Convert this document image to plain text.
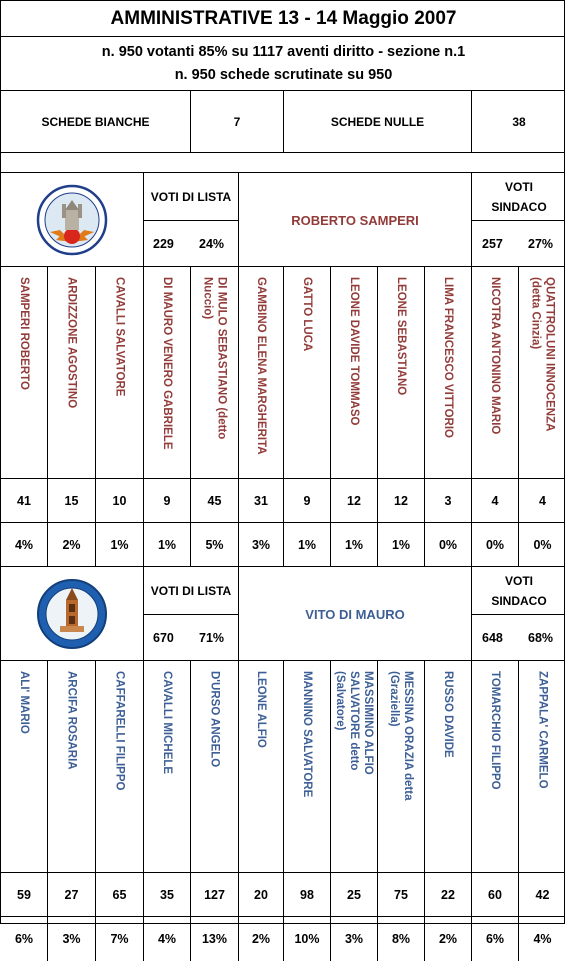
AMMINISTRATIVE 13 - 14 Maggio 2007
n. 950 votanti 85% su 1117 aventi diritto - sezione n.1
n. 950 schede scrutinate su 950
SCHEDE BIANCHE	7	SCHEDE NULLE	38
VOTI DI LISTA
229 24%
ROBERTO SAMPERI
VOTI
SINDACO
257 27%
SAMPERI ROBERTO	ARDIZZONE AGOSTINO	CAVALLI SALVATORE	DI MAURO VENERO GABRIELE	DI MULO SEBASTIANO (detto
Nuccio)	GAMBINO ELENA MARGHERITA	GATTO LUCA	LEONE DAVIDE TOMMASO	LEONE SEBASTIANO	LIMA FRANCESCO VITTORIO	NICOTRA ANTONINO MARIO	QUATTROLUNI INNOCENZA
(detta Cinzia)
41	15	10	9	45	31	9	12	12	3	4	4
4% 2% 1% 1% 5% 3% 1% 1% 1% 0% 0% 0%
VOTI DI LISTA
670 71%
VITO DI MAURO
VOTI
SINDACO
648 68%
ALI' MARIO	ARCIFA ROSARIA	CAFFARELLI FILIPPO	CAVALLI MICHELE	D'URSO ANGELO	LEONE ALFIO	MANNINO SALVATORE	MASSIMINO ALFIO
SALVATORE detto
(Salvatore)	MESSINA ORAZIA detta
(Graziella)	RUSSO DAVIDE	TOMARCHIO FILIPPO	ZAPPALA' CARMELO
59	27	65	35 127 20	98	25	75	22	60	42
6% 3% 7% 4% 13% 2% 10% 3% 8% 2% 6% 4%
